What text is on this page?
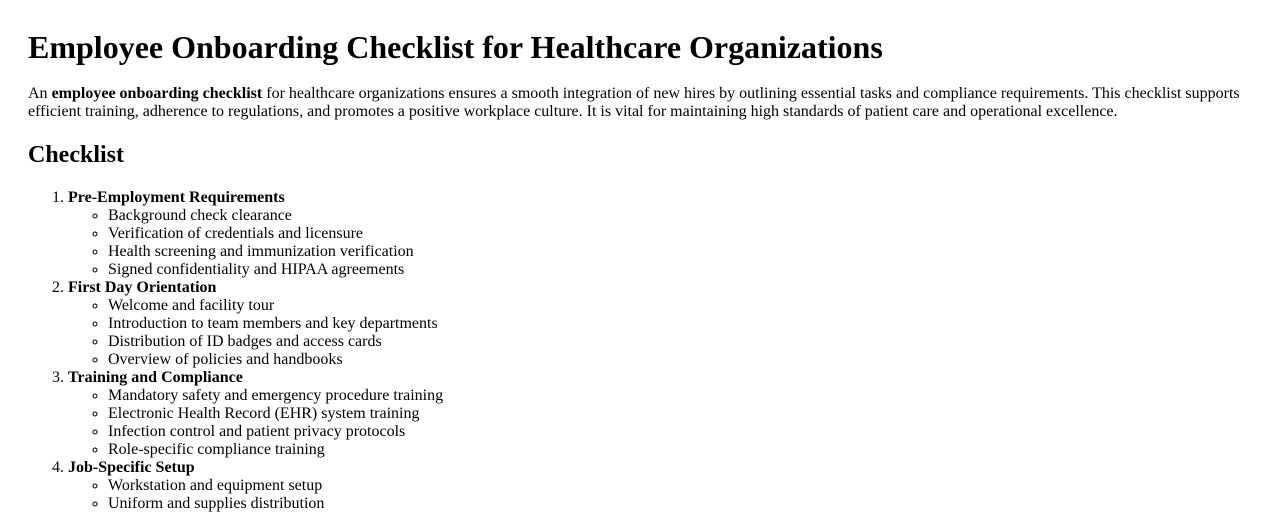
Employee Onboarding Checklist for Healthcare Organizations

An employee onboarding checklist for healthcare organizations ensures a smooth integration of new hires by outlining essential tasks and compliance requirements. This checklist supports efficient training, adherence to regulations, and promotes a positive workplace culture. It is vital for maintaining high standards of patient care and operational excellence.

Checklist
1. Pre-Employment Requirements
◦ Background check clearance
◦ Verification of credentials and licensure
◦ Health screening and immunization verification
◦ Signed confidentiality and HIPAA agreements
2. First Day Orientation
◦ Welcome and facility tour
◦ Introduction to team members and key departments
◦ Distribution of ID badges and access cards
◦ Overview of policies and handbooks
3. Training and Compliance
◦ Mandatory safety and emergency procedure training
◦ Electronic Health Record (EHR) system training
◦ Infection control and patient privacy protocols
◦ Role-specific compliance training
4. Job-Specific Setup
◦ Workstation and equipment setup
◦ Uniform and supplies distribution
